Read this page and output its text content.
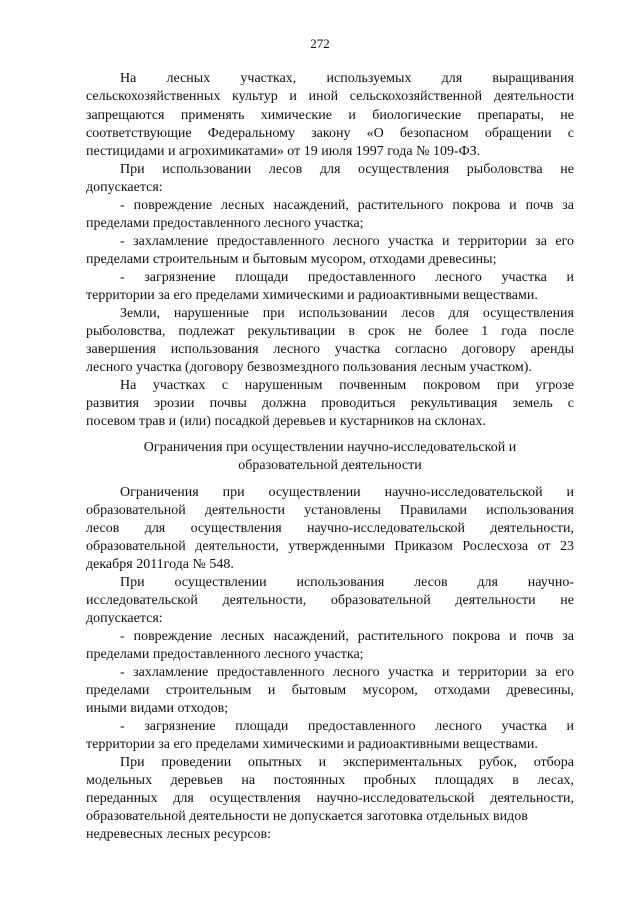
272
На лесных участках, используемых для выращивания
сельскохозяйственных культур и иной сельскохозяйственной деятельности
запрещаются применять химические и биологические препараты, не
соответствующие Федеральному закону «О безопасном обращении с
пестицидами и агрохимикатами» от 19 июля 1997 года № 109-ФЗ.
При использовании лесов для осуществления рыболовства не
допускается:
- повреждение лесных насаждений, растительного покрова и почв за
пределами предоставленного лесного участка;
- захламление предоставленного лесного участка и территории за его
пределами строительным и бытовым мусором, отходами древесины;
- загрязнение площади предоставленного лесного участка и
территории за его пределами химическими и радиоактивными веществами.
Земли, нарушенные при использовании лесов для осуществления
рыболовства, подлежат рекультивации в срок не более 1 года после
завершения использования лесного участка согласно договору аренды
лесного участка (договору безвозмездного пользования лесным участком).
На участках с нарушенным почвенным покровом при угрозе
развития эрозии почвы должна проводиться рекультивация земель с
посевом трав и (или) посадкой деревьев и кустарников на склонах.
Ограничения при осуществлении научно-исследовательской и
образовательной деятельности
Ограничения при осуществлении научно-исследовательской и
образовательной деятельности установлены Правилами использования
лесов для осуществления научно-исследовательской деятельности,
образовательной деятельности, утвержденными Приказом Рослесхоза от 23
декабря 2011года № 548.
При осуществлении использования лесов для научно-
исследовательской деятельности, образовательной деятельности не
допускается:
- повреждение лесных насаждений, растительного покрова и почв за
пределами предоставленного лесного участка;
- захламление предоставленного лесного участка и территории за его
пределами строительным и бытовым мусором, отходами древесины,
иными видами отходов;
- загрязнение площади предоставленного лесного участка и
территории за его пределами химическими и радиоактивными веществами.
При проведении опытных и экспериментальных рубок, отбора
модельных деревьев на постоянных пробных площадях в лесах,
переданных для осуществления научно-исследовательской деятельности,
образовательной деятельности не допускается заготовка отдельных видов
недревесных лесных ресурсов:
